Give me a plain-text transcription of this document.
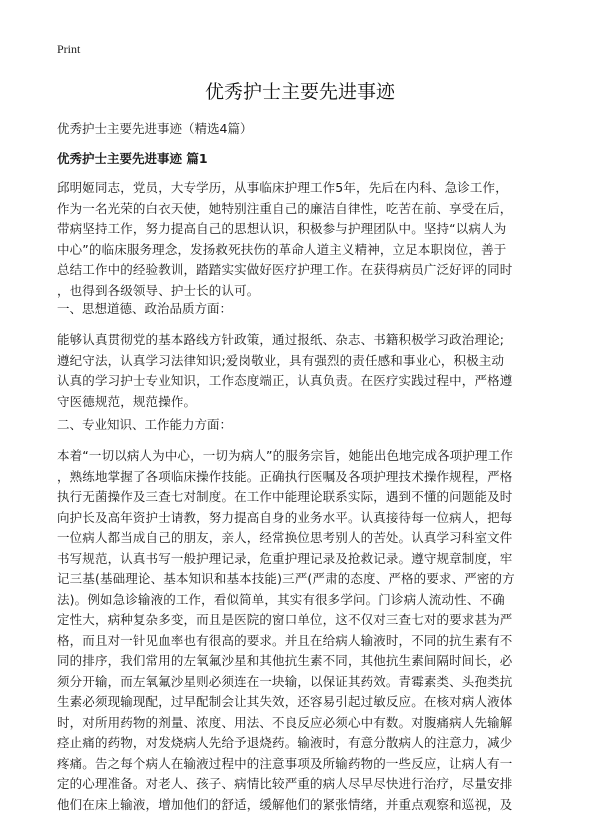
Print
优秀护士主要先进事迹
优秀护士主要先进事迹（精选4篇）
优秀护士主要先进事迹 篇1

邱明姬同志，党员，大专学历，从事临床护理工作5年，先后在内科、急诊工作，
作为一名光荣的白衣天使，她特别注重自己的廉洁自律性，吃苦在前、享受在后，
带病坚持工作，努力提高自己的思想认识，积极参与护理团队中。坚持“以病人为
中心”的临床服务理念，发扬救死扶伤的革命人道主义精神，立足本职岗位，善于
总结工作中的经验教训，踏踏实实做好医疗护理工作。在获得病员广泛好评的同时
，也得到各级领导、护士长的认可。

一、思想道德、政治品质方面：

能够认真贯彻党的基本路线方针政策，通过报纸、杂志、书籍积极学习政治理论;
遵纪守法，认真学习法律知识;爱岗敬业，具有强烈的责任感和事业心，积极主动
认真的学习护士专业知识，工作态度端正，认真负责。在医疗实践过程中，严格遵
守医德规范，规范操作。

二、专业知识、工作能力方面：

本着“一切以病人为中心，一切为病人”的服务宗旨，她能出色地完成各项护理工作
，熟练地掌握了各项临床操作技能。正确执行医嘱及各项护理技术操作规程，严格
执行无菌操作及三查七对制度。在工作中能理论联系实际，遇到不懂的问题能及时
向护长及高年资护士请教，努力提高自身的业务水平。认真接待每一位病人，把每
一位病人都当成自己的朋友，亲人，经常换位思考别人的苦处。认真学习科室文件
书写规范，认真书写一般护理记录，危重护理记录及抢救记录。遵守规章制度，牢
记三基(基础理论、基本知识和基本技能)三严(严肃的态度、严格的要求、严密的方
法)。例如急诊输液的工作，看似简单，其实有很多学问。门诊病人流动性、不确
定性大，病种复杂多变，而且是医院的窗口单位，这不仅对三查七对的要求甚为严
格，而且对一针见血率也有很高的要求。并且在给病人输液时，不同的抗生素有不
同的排序，我们常用的左氧氟沙星和其他抗生素不同，其他抗生素间隔时间长，必
须分开输，而左氧氟沙星则必须连在一块输，以保证其药效。青霉素类、头孢类抗
生素必须现输现配，过早配制会让其失效，还容易引起过敏反应。在核对病人液体
时，对所用药物的剂量、浓度、用法、不良反应必须心中有数。对腹痛病人先输解
痉止痛的药物，对发烧病人先给予退烧药。输液时，有意分散病人的注意力，减少
疼痛。告之每个病人在输液过程中的注意事项及所输药物的一些反应，让病人有一
定的心理准备。对老人、孩子、病情比较严重的病人尽早尽快进行治疗，尽量安排
他们在床上输液，增加他们的舒适，缓解他们的紧张情绪，并重点观察和巡视，及
